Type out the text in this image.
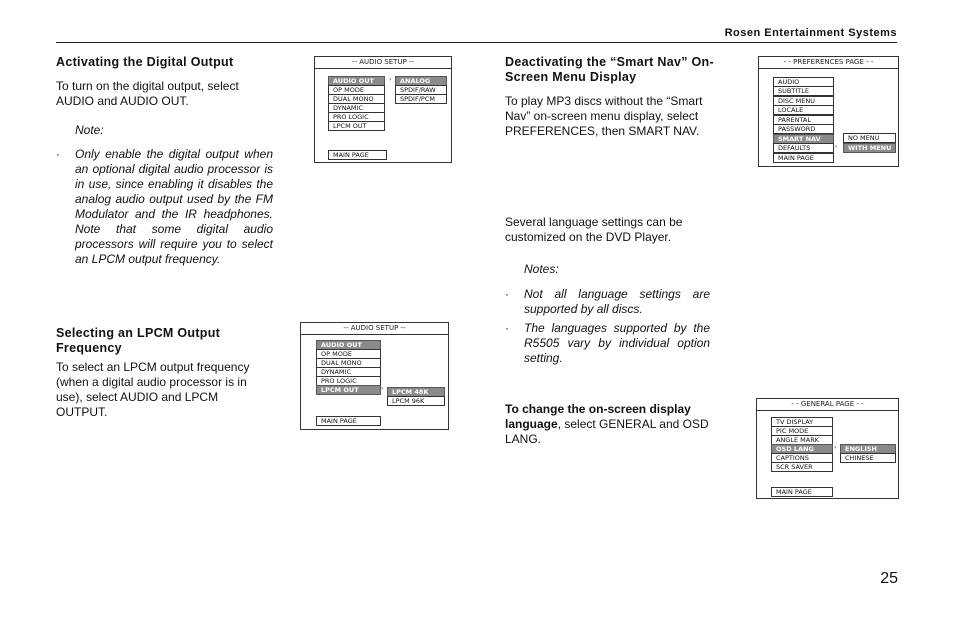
Rosen Entertainment Systems
Activating the Digital Output

To turn on the digital output, select AUDIO and AUDIO OUT.

Note:
· Only enable the digital output when an optional digital audio processor is in use, since enabling it disables the analog audio output used by the FM Modulator and the IR headphones. Note that some digital audio processors will require you to select an LPCM output frequency.
Selecting an LPCM Output Frequency

To select an LPCM output frequency (when a digital audio processor is in use), select AUDIO and LPCM OUTPUT.

-- AUDIO SETUP --
AUDIO OUT
OP MODE
DUAL MONO
DYNAMIC
PRO LOGIC
LPCM OUT
›	ANALOG
SPDIF/RAW
SPDIF/PCM
MAIN PAGE
-- AUDIO SETUP --
AUDIO OUT
OP MODE
DUAL MONO
DYNAMIC
PRO LOGIC
LPCM OUT	›	LPCM 48K
LPCM 96K
MAIN PAGE
Deactivating the “Smart Nav” On-Screen Menu Display

To play MP3 discs without the “Smart Nav” on-screen menu display, select PREFERENCES, then SMART NAV.

Several language settings can be customized on the DVD Player.

Notes:
· Not all language settings are supported by all discs.
· The languages supported by the R5505 vary by individual option setting.

To change the on-screen display language, select GENERAL and OSD LANG.

- - PREFERENCES PAGE - -
AUDIO
SUBTITLE
DISC MENU
LOCALE
PARENTAL
PASSWORD
SMART NAV
DEFAULTS	›
NO MENU
WITH MENU
MAIN PAGE
- - GENERAL PAGE - -
TV DISPLAY
PIC MODE
ANGLE MARK
OSD LANG
CAPTIONS
SCR SAVER
›	ENGLISH
CHINESE
MAIN PAGE
25
